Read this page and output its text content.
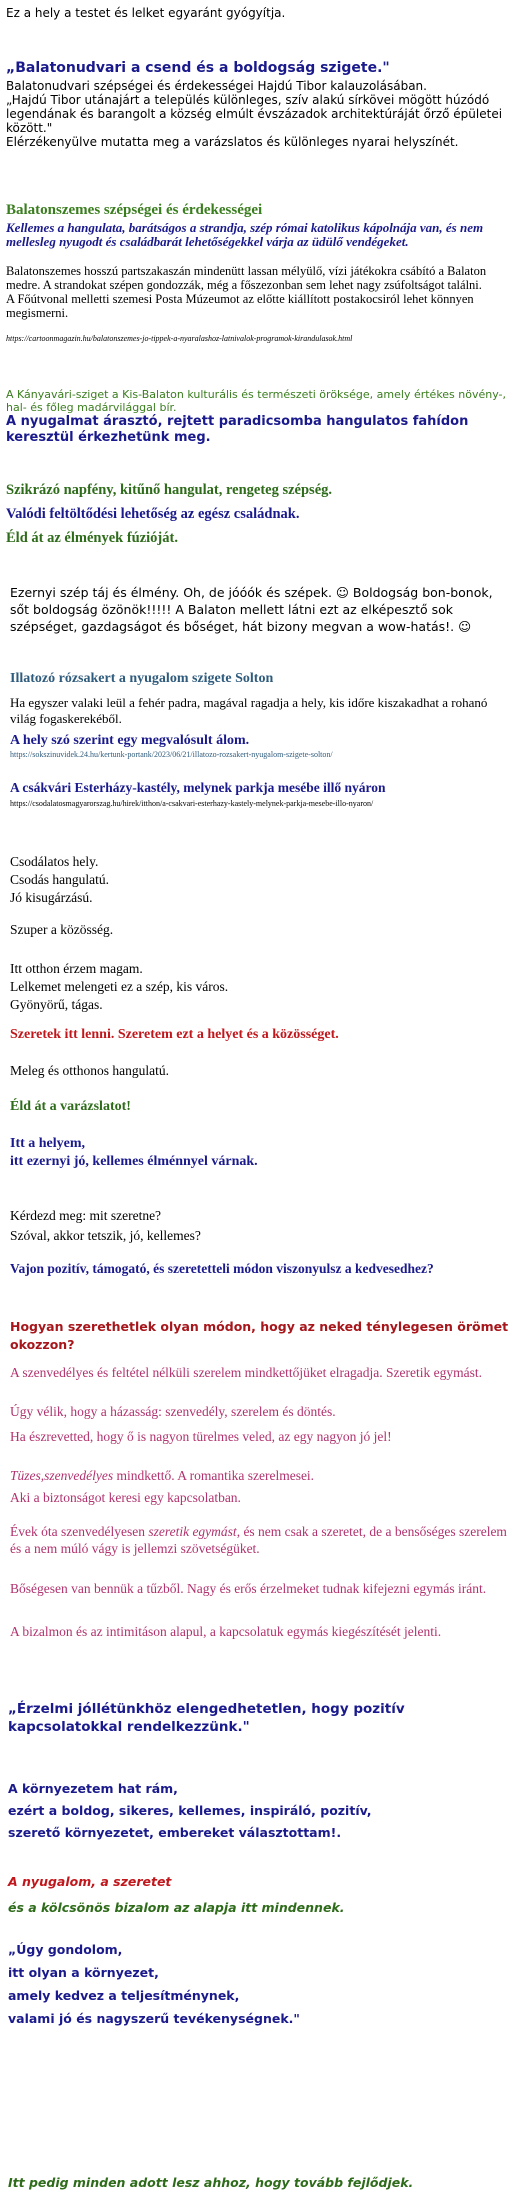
Ez a hely a testet és lelket egyaránt gyógyítja.
„Balatonudvari a csend és a boldogság szigete."
Balatonudvari szépségei és érdekességei Hajdú Tibor kalauzolásában.
„Hajdú Tibor utánajárt a település különleges, szív alakú sírkövei mögött húzódó legendának és barangolt a község elmúlt évszázadok architektúráját őrző épületei között."
Elérzékenyülve mutatta meg a varázslatos és különleges nyarai helyszínét.
Balatonszemes szépségei és érdekességei
Kellemes a hangulata, barátságos a strandja, szép római katolikus kápolnája van, és nem mellesleg nyugodt és családbarát lehetőségekkel várja az üdülő vendégeket.
Balatonszemes hosszú partszakaszán mindenütt lassan mélyülő, vízi játékokra csábító a Balaton medre. A strandokat szépen gondozzák, még a főszezonban sem lehet nagy zsúfoltságot találni.
A Főútvonal melletti szemesi Posta Múzeumot az előtte kiállított postakocsiról lehet könnyen megismerni.
https://cartoonmagazin.hu/balatonszemes-jo-tippek-a-nyaralashoz-latnivalok-programok-kirandulasok.html
A Kányavári-sziget a Kis-Balaton kulturális és természeti öröksége, amely értékes növény-, hal- és főleg madárvilággal bír.
A nyugalmat árasztó, rejtett paradicsomba hangulatos fahídon keresztül érkezhetünk meg.
Szikrázó napfény, kitűnő hangulat, rengeteg szépség.
Valódi feltöltődési lehetőség az egész családnak.
Éld át az élmények fúzióját.
Ezernyi szép táj és élmény. Oh, de jóóók és szépek. ☺ Boldogság bon-bonok, sőt boldogság özönök!!!!! A Balaton mellett látni ezt az elképesztő sok szépséget, gazdagságot és bőséget, hát bizony megvan a wow-hatás!. ☺
Illatozó rózsakert a nyugalom szigete Solton
Ha egyszer valaki leül a fehér padra, magával ragadja a hely, kis időre kiszakadhat a rohanó világ fogaskerekéből.
A hely szó szerint egy megvalósult álom.
https://sokszinuvidek.24.hu/kertunk-portank/2023/06/21/illatozo-rozsakert-nyugalom-szigete-solton/
A csákvári Esterházy-kastély, melynek parkja mesébe illő nyáron
https://csodalatosmagyarorszag.hu/hirek/itthon/a-csakvari-esterhazy-kastely-melynek-parkja-mesebe-illo-nyaron/
Csodálatos hely.
Csodás hangulatú.
Jó kisugárzású.
Szuper a közösség.
Itt otthon érzem magam.
Lelkemet melengeti ez a szép, kis város.
Gyönyörű, tágas.
Szeretek itt lenni. Szeretem ezt a helyet és a közösséget.
Meleg és otthonos hangulatú.
Éld át a varázslatot!
Itt a helyem,
itt ezernyi jó, kellemes élménnyel várnak.
Kérdezd meg: mit szeretne?
Szóval, akkor tetszik, jó, kellemes?
Vajon pozitív, támogató, és szeretetteli módon viszonyulsz a kedvesedhez?
Hogyan szerethetlek olyan módon, hogy az neked ténylegesen örömet okozzon?
A szenvedélyes és feltétel nélküli szerelem mindkettőjüket elragadja. Szeretik egymást.
Úgy vélik, hogy a házasság: szenvedély, szerelem és döntés.
Ha észrevetted, hogy ő is nagyon türelmes veled, az egy nagyon jó jel!
Tüzes,szenvedélyes mindkettő. A romantika szerelmesei.
Aki a biztonságot keresi egy kapcsolatban.
Évek óta szenvedélyesen szeretik egymást, és nem csak a szeretet, de a bensőséges szerelem és a nem múló vágy is jellemzi szövetségüket.
Bőségesen van bennük a tűzből. Nagy és erős érzelmeket tudnak kifejezni egymás iránt.
A bizalmon és az intimitáson alapul, a kapcsolatuk egymás kiegészítését jelenti.
„Érzelmi jóllétünkhöz elengedhetetlen, hogy pozitív kapcsolatokkal rendelkezzünk."
A környezetem hat rám,
ezért a boldog, sikeres, kellemes, inspiráló, pozitív,
szerető környezetet, embereket választottam!.
A nyugalom, a szeretet
és a kölcsönös bizalom az alapja itt mindennek.
„Úgy gondolom,
itt olyan a környezet,
amely kedvez a teljesítménynek,
valami jó és nagyszerű tevékenységnek."
Itt pedig minden adott lesz ahhoz, hogy tovább fejlődjek.
